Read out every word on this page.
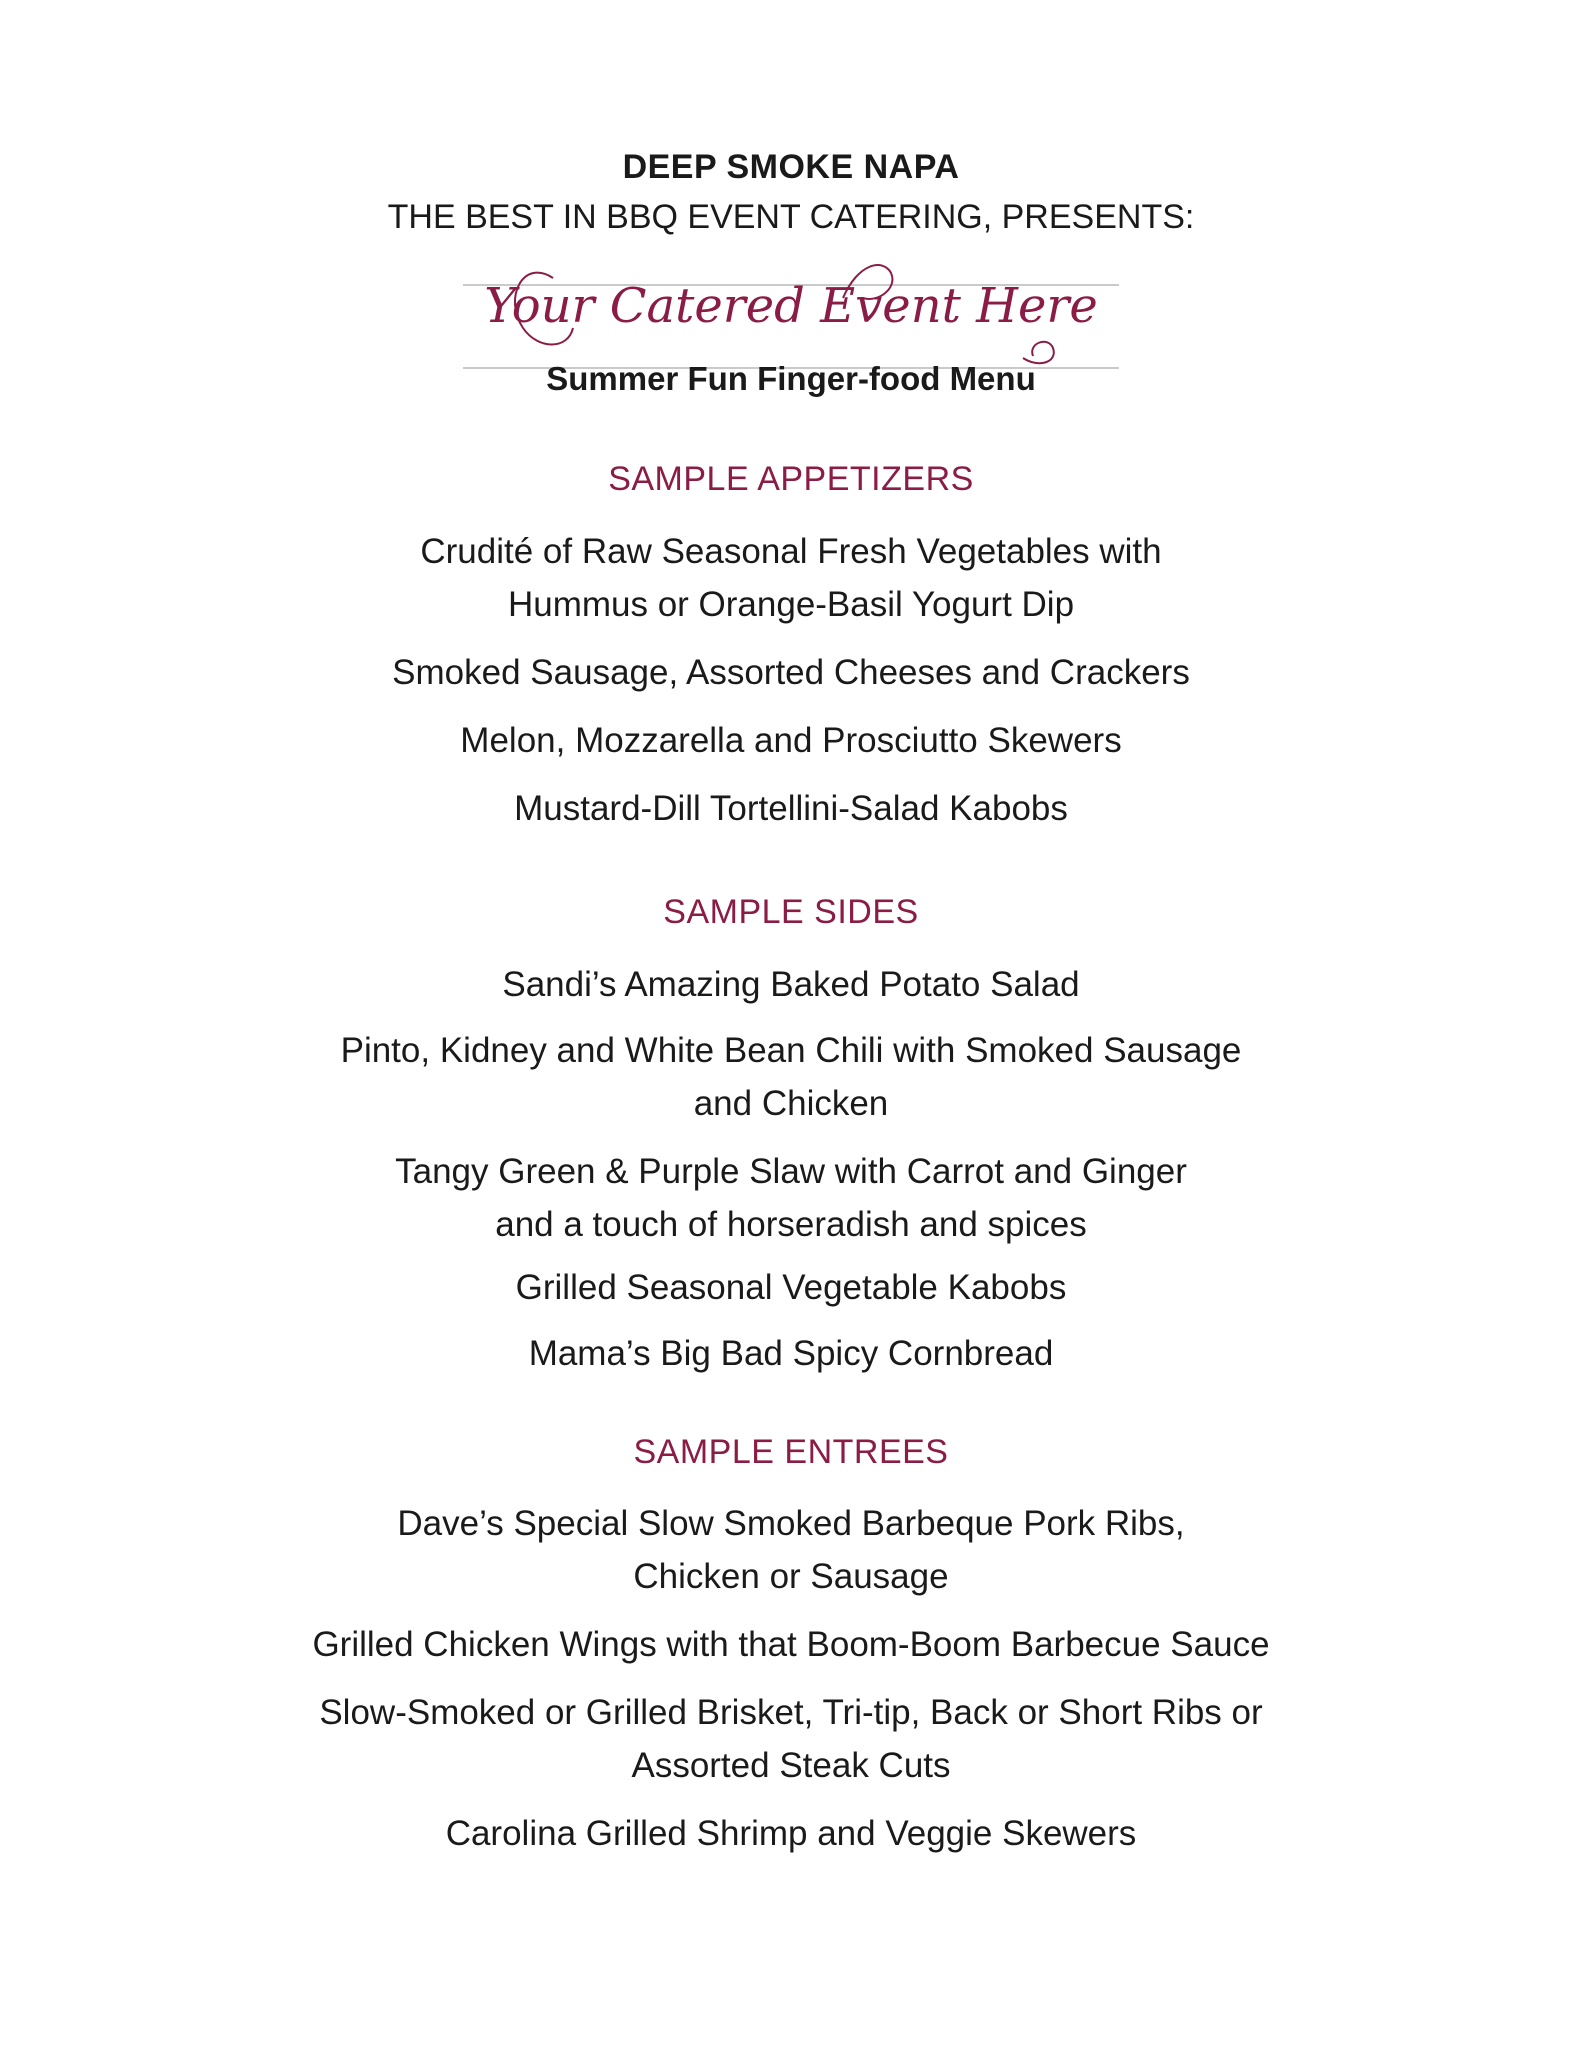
DEEP SMOKE NAPA
THE BEST IN BBQ EVENT CATERING, PRESENTS:
Your Catered Event Here
Summer Fun Finger-food Menu
SAMPLE APPETIZERS
Crudité of Raw Seasonal Fresh Vegetables with
Hummus or Orange-Basil Yogurt Dip
Smoked Sausage, Assorted Cheeses and Crackers
Melon, Mozzarella and Prosciutto Skewers
Mustard-Dill Tortellini-Salad Kabobs
SAMPLE SIDES
Sandi’s Amazing Baked Potato Salad
Pinto, Kidney and White Bean Chili with Smoked Sausage
and Chicken
Tangy Green & Purple Slaw with Carrot and Ginger
and a touch of horseradish and spices
Grilled Seasonal Vegetable Kabobs
Mama’s Big Bad Spicy Cornbread
SAMPLE ENTREES
Dave’s Special Slow Smoked Barbeque Pork Ribs,
Chicken or Sausage
Grilled Chicken Wings with that Boom-Boom Barbecue Sauce
Slow-Smoked or Grilled Brisket, Tri-tip, Back or Short Ribs or
Assorted Steak Cuts
Carolina Grilled Shrimp and Veggie Skewers
